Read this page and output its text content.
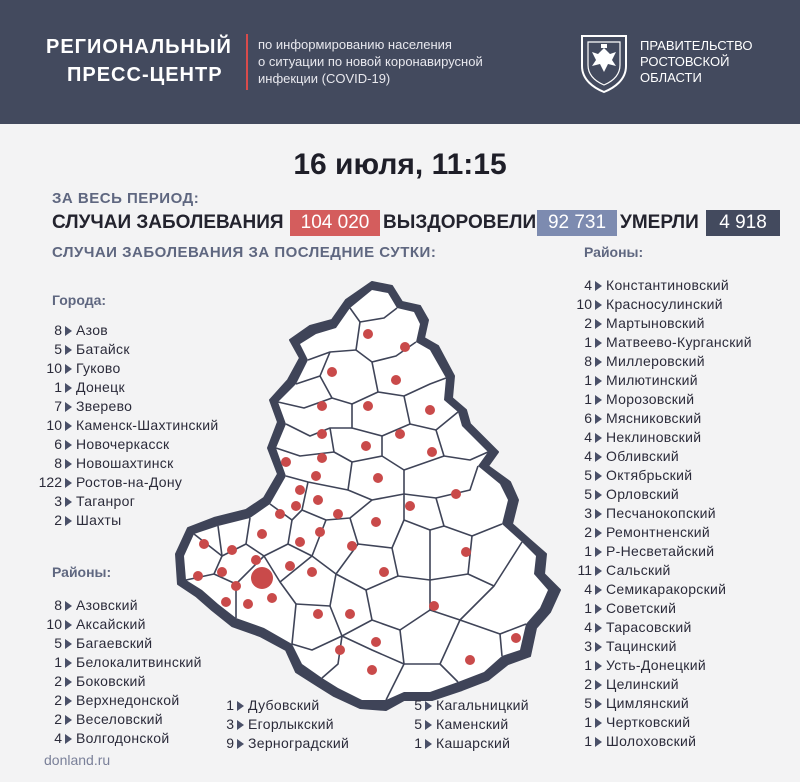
РЕГИОНАЛЬНЫЙ
ПРЕСС-ЦЕНТР
по информированию населения
о ситуации по новой коронавирусной
инфекции (COVID-19)
ПРАВИТЕЛЬСТВО
РОСТОВСКОЙ
ОБЛАСТИ
16 июля, 11:15
ЗА ВЕСЬ ПЕРИОД:
СЛУЧАИ ЗАБОЛЕВАНИЯ 104 020 ВЫЗДОРОВЕЛИ 92 731 УМЕРЛИ	4 918
СЛУЧАИ ЗАБОЛЕВАНИЯ ЗА ПОСЛЕДНИЕ СУТКИ:
Города:
8 Азов
5 Батайск
10 Гуково
1 Донецк
7 Зверево
10 Каменск-Шахтинский
6 Новочеркасск
8 Новошахтинск
122 Ростов-на-Дону
3 Таганрог
2 Шахты
Районы:
8 Азовский
10 Аксайский
5 Багаевский
1 Белокалитвинский
2 Боковский
2 Верхнедонской
2 Веселовский
4 Волгодонской
1 Дубовский
3 Егорлыкский
9 Зерноградский
5 Кагальницкий
5 Каменский
1 Кашарский
Районы:
4 Константиновский
10 Красносулинский
2 Мартыновский
1 Матвеево-Курганский
8 Миллеровский
1 Милютинский
1 Морозовский
6 Мясниковский
4 Неклиновский
4 Обливский
5 Октябрьский
5 Орловский
3 Песчанокопский
2 Ремонтненский
1 Р-Несветайский
11 Сальский
4 Семикаракорский
1 Советский
4 Тарасовский
3 Тацинский
1 Усть-Донецкий
2 Целинский
5 Цимлянский
1 Чертковский
1 Шолоховский
donland.ru
